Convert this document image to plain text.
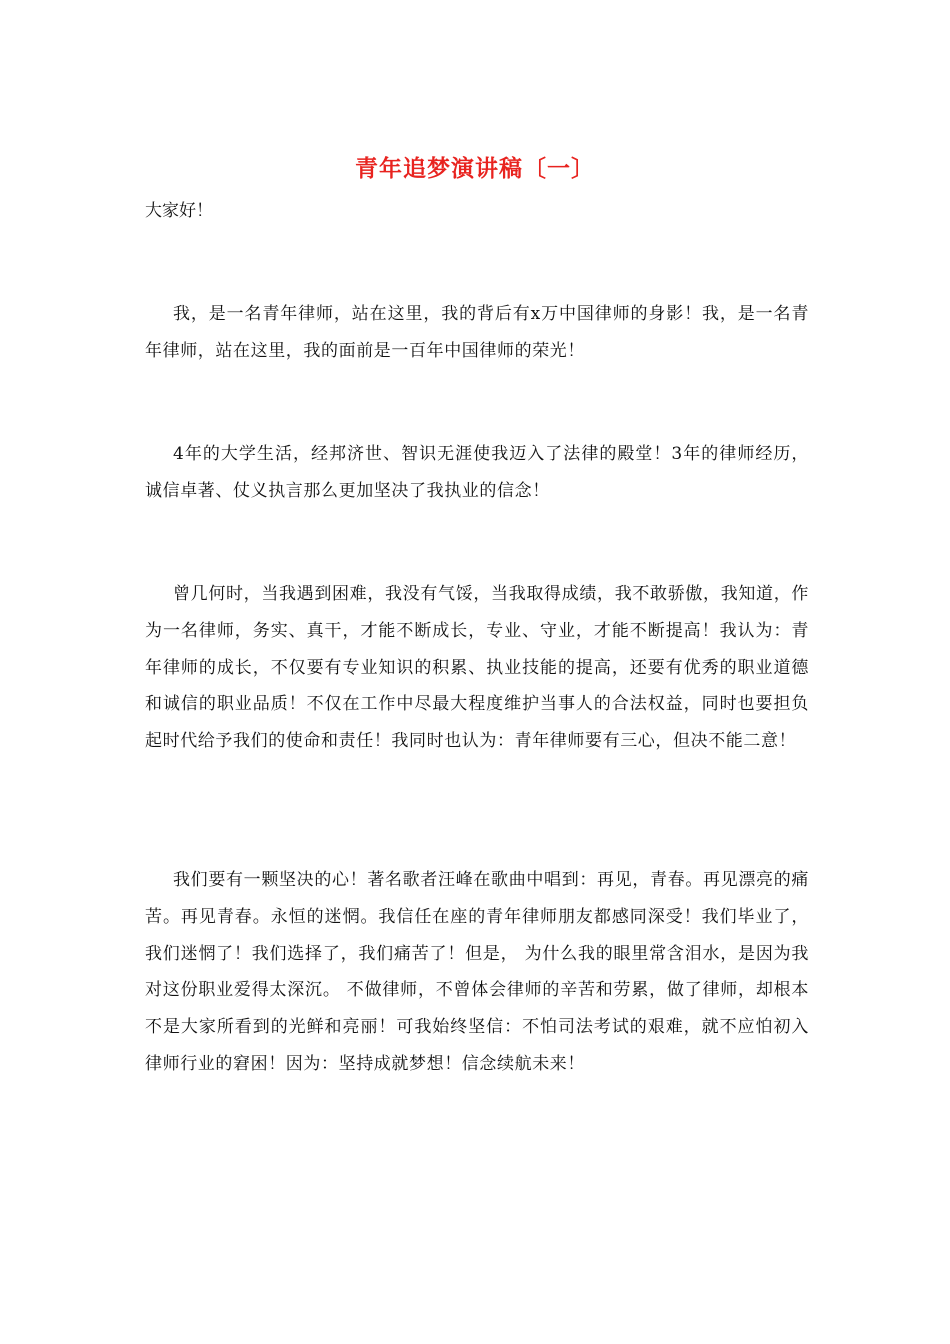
青年追梦演讲稿〔一〕
大家好！

我，是一名青年律师，站在这里，我的背后有x万中国律师的身影！我，是一名青年律师，站在这里，我的面前是一百年中国律师的荣光！

4年的大学生活，经邦济世、智识无涯使我迈入了法律的殿堂！3年的律师经历，诚信卓著、仗义执言那么更加坚决了我执业的信念！

曾几何时，当我遇到困难，我没有气馁，当我取得成绩，我不敢骄傲，我知道，作为一名律师，务实、真干，才能不断成长，专业、守业，才能不断提高！我认为：青年律师的成长，不仅要有专业知识的积累、执业技能的提高，还要有优秀的职业道德和诚信的职业品质！不仅在工作中尽最大程度维护当事人的合法权益，同时也要担负起时代给予我们的使命和责任！我同时也认为：青年律师要有三心，但决不能二意！

我们要有一颗坚决的心！著名歌者汪峰在歌曲中唱到：再见，青春。再见漂亮的痛苦。再见青春。永恒的迷惘。我信任在座的青年律师朋友都感同深受！我们毕业了，我们迷惘了！我们选择了，我们痛苦了！但是， 为什么我的眼里常含泪水，是因为我对这份职业爱得太深沉。 不做律师，不曾体会律师的辛苦和劳累，做了律师，却根本不是大家所看到的光鲜和亮丽！可我始终坚信：不怕司法考试的艰难，就不应怕初入律师行业的窘困！因为：坚持成就梦想！信念续航未来！
